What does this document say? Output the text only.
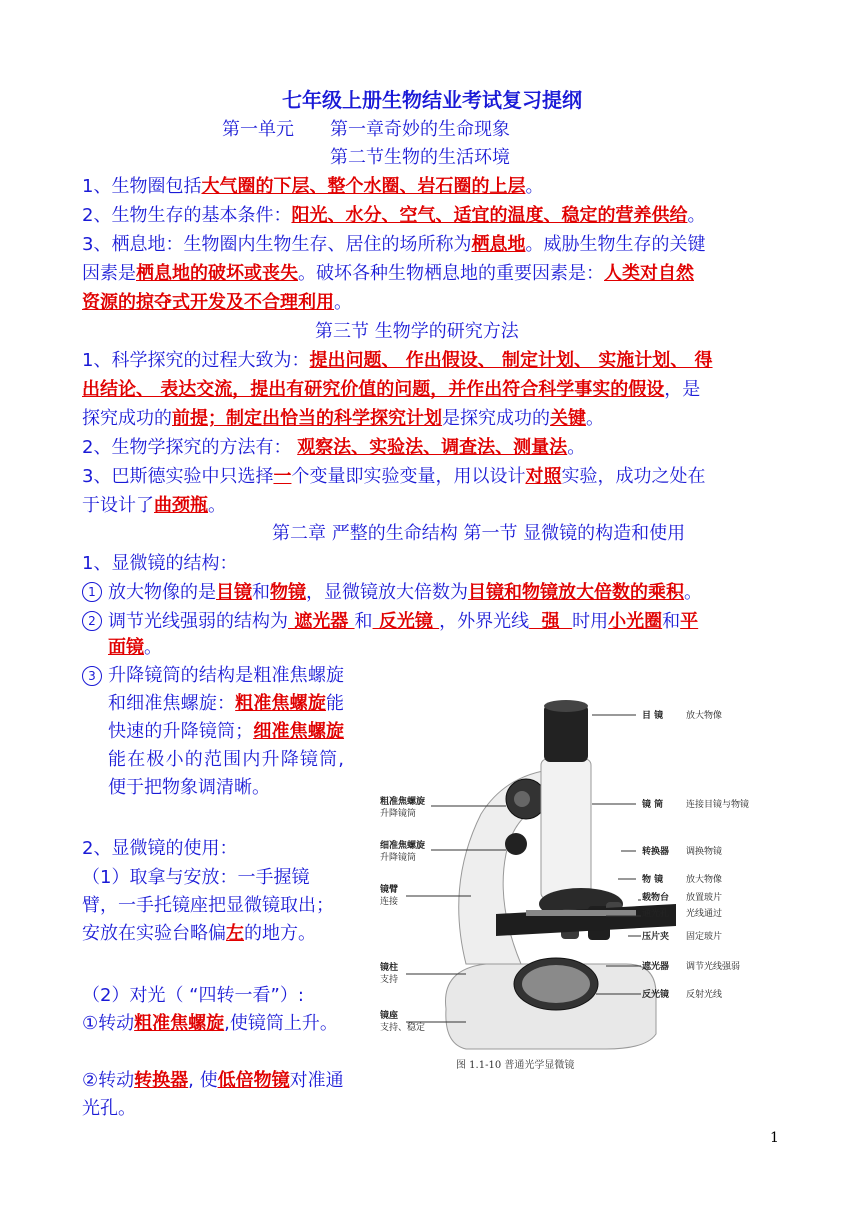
七年级上册生物结业考试复习提纲
第一单元 第一章奇妙的生命现象
第二节生物的生活环境
1、生物圈包括大气圈的下层、整个水圈、岩石圈的上层。
2、生物生存的基本条件：阳光、水分、空气、适宜的温度、稳定的营养供给。
3、栖息地：生物圈内生物生存、居住的场所称为栖息地。威胁生物生存的关键
因素是栖息地的破坏或丧失。破坏各种生物栖息地的重要因素是：人类对自然
资源的掠夺式开发及不合理利用。
第三节 生物学的研究方法
1、科学探究的过程大致为：提出问题、 作出假设、 制定计划、 实施计划、 得
出结论、 表达交流，提出有研究价值的问题，并作出符合科学事实的假设，是
探究成功的前提；制定出恰当的科学探究计划是探究成功的关键。
2、生物学探究的方法有： 观察法、实验法、调查法、测量法。
3、巴斯德实验中只选择一个变量即实验变量，用以设计对照实验，成功之处在
于设计了曲颈瓶。
第二章 严整的生命结构 第一节 显微镜的构造和使用
1、显微镜的结构：
1 放大物像的是目镜和物镜，显微镜放大倍数为目镜和物镜放大倍数的乘积。
2 调节光线强弱的结构为 遮光器 和 反光镜 ，外界光线  强  时用小光圈和平
面镜。
3 升降镜筒的结构是粗准焦螺旋和细准焦螺旋：粗准焦螺旋能快速的升降镜筒；细准焦螺旋能在极小的范围内升降镜筒,便于把物象调清晰。
2、显微镜的使用：
（1）取拿与安放：一手握镜臂，一手托镜座把显微镜取出；安放在实验台略偏左的地方。
（2）对光（ “四转一看”）:
①转动粗准焦螺旋,使镜筒上升。
②转动转换器, 使低倍物镜对准通光孔。
目 镜	放大物像
镜 筒	连接目镜与物镜
转换器 调换物镜
物 镜	放大物像
载物台 放置玻片
通光孔 光线通过
压片夹 固定玻片
遮光器 调节光线强弱
反光镜 反射光线
粗准焦螺旋
升降镜筒
细准焦螺旋
升降镜筒
镜臂
连接
镜柱
支持
镜座
支持、稳定
图 1.1-10 普通光学显微镜
1
